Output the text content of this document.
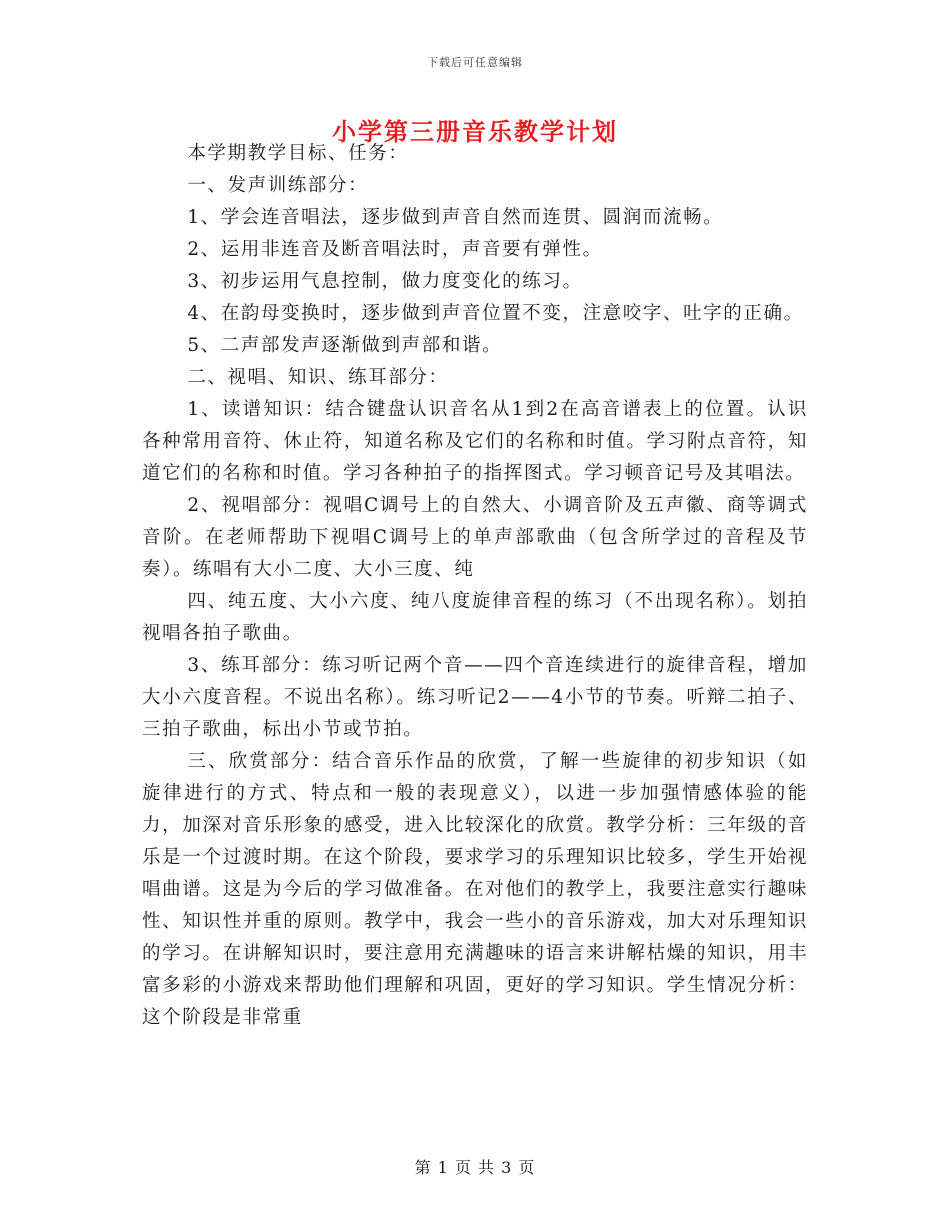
下载后可任意编辑
小学第三册音乐教学计划

本学期教学目标、任务：

一、发声训练部分：

1、学会连音唱法，逐步做到声音自然而连贯、圆润而流畅。

2、运用非连音及断音唱法时，声音要有弹性。

3、初步运用气息控制，做力度变化的练习。

4、在韵母变换时，逐步做到声音位置不变，注意咬字、吐字的正确。

5、二声部发声逐渐做到声部和谐。

二、视唱、知识、练耳部分：

1、读谱知识：结合键盘认识音名从1到2在高音谱表上的位置。认识各种常用音符、休止符，知道名称及它们的名称和时值。学习附点音符，知道它们的名称和时值。学习各种拍子的指挥图式。学习顿音记号及其唱法。

2、视唱部分：视唱C调号上的自然大、小调音阶及五声徽、商等调式音阶。在老师帮助下视唱C调号上的单声部歌曲（包含所学过的音程及节奏）。练唱有大小二度、大小三度、纯

四、纯五度、大小六度、纯八度旋律音程的练习（不出现名称）。划拍视唱各拍子歌曲。

3、练耳部分：练习听记两个音——四个音连续进行的旋律音程，增加大小六度音程。不说出名称）。练习听记2——4小节的节奏。听辩二拍子、三拍子歌曲，标出小节或节拍。

三、欣赏部分：结合音乐作品的欣赏，了解一些旋律的初步知识（如旋律进行的方式、特点和一般的表现意义），以进一步加强情感体验的能力，加深对音乐形象的感受，进入比较深化的欣赏。教学分析：三年级的音乐是一个过渡时期。在这个阶段，要求学习的乐理知识比较多，学生开始视唱曲谱。这是为今后的学习做准备。在对他们的教学上，我要注意实行趣味性、知识性并重的原则。教学中，我会一些小的音乐游戏，加大对乐理知识的学习。在讲解知识时，要注意用充满趣味的语言来讲解枯燥的知识，用丰富多彩的小游戏来帮助他们理解和巩固，更好的学习知识。学生情况分析：这个阶段是非常重

第 1 页 共 3 页
